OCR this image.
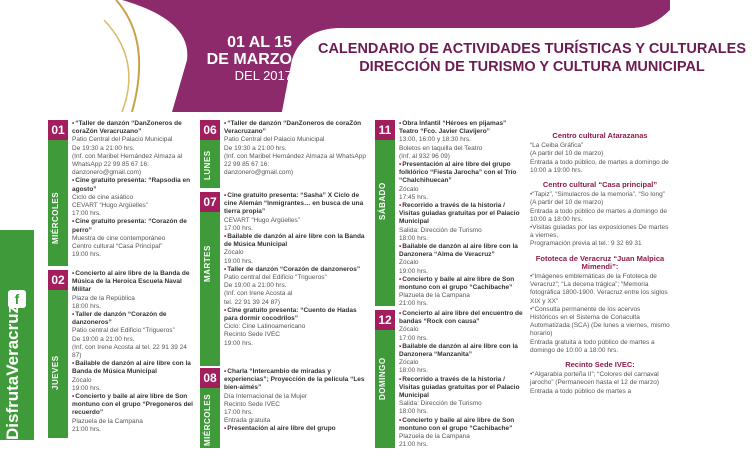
01 AL 15
DE MARZO
DEL 2017
CALENDARIO DE ACTIVIDADES TURÍSTICAS Y CULTURALES
DIRECCIÓN DE TURISMO Y CULTURA MUNICIPAL
f
DisfrutaVeracruz
01
MIÉRCOLES
• “Taller de danzón “DanZoneros de coraZón Veracruzano”
Patio Central del Palacio Municipal
De 19:30 a 21:00 hrs.
(Inf. con Maribel Hernández Almaza al WhatsApp 22 99 85 67 16:
danzonero@gmail.com)
• Cine gratuito presenta: “Rapsodia en agosto”
Ciclo de cine asiático
CEVART “Hugo Argüelles”
17:00 hrs.
• Cine gratuito presenta: “Corazón de perro”
Muestra de cine contemporáneo
Centro cultural “Casa Principal”
19:00 hrs.
02
JUEVES
• Concierto al aire libre de la Banda de Música de la Heroica Escuela Naval Militar
Plaza de la República
18:00 hrs.
• Taller de danzón “Corazón de danzoneros”
Patio central del Edificio “Trigueros”
De 19:00 a 21:00 hrs.
(Inf. con Irene Acosta al tel. 22 91 39 24 87)
• Bailable de danzón al aire libre con la Banda de Música Municipal
Zócalo
19:00 hrs.
• Concierto y baile al aire libre de Son montuno con el grupo “Pregoneros del recuerdo”
Plazuela de la Campana
21:00 hrs.
06
LUNES
• “Taller de danzón “DanZoneros de coraZón Veracruzano”
Patio Central del Palacio Municipal
De 19:30 a 21:00 hrs.
(Inf. con Maribel Hernández Almaza al WhatsApp 22 99 85 67 16:
danzonero@gmail.com)
07
MARTES
• Cine gratuito presenta: “Sasha” X Ciclo de cine Alemán “Inmigrantes… en busca de una tierra propia”
CEVART “Hugo Argüelles”
17:00 hrs.
• Bailable de danzón al aire libre con la Banda de Música Municipal
Zócalo
19:00 hrs.
• Taller de danzón “Corazón de danzoneros”
Patio central del Edificio “Trigueros”
De 19:00 a 21:00 hrs.
(Inf. con Irene Acosta al
tel. 22 91 39 24 87)
• Cine gratuito presenta: “Cuento de Hadas para dormir cocodrilos”
Ciclo: Cine Latinoamericano
Recinto Sede IVEC
19:00 hrs.
08
MIÉRCOLES
• Charla “Intercambio de miradas y experiencias”; Proyección de la película “Les bien-aimés”
Día Internacional de la Mujer
Recinto Sede IVEC
17:00 hrs.
Entrada gratuita
• Presentación al aire libre del grupo
11
SÁBADO
• Obra Infantil “Héroes en pijamas” Teatro “Fco. Javier Clavijero”
13:00, 16:00 y 18:30 hrs.
Boletos en taquilla del Teatro
(Inf. al 932 96 09)
• Presentación al aire libre del grupo folklórico “Fiesta Jarocha” con el Trío “Chalchihuecan”
Zócalo
17:45 hrs.
• Recorrido a través de la historia / Visitas guiadas gratuitas por el Palacio Municipal
Salida: Dirección de Turismo
18:00 hrs.
• Bailable de danzón al aire libre con la Danzonera “Alma de Veracruz”
Zócalo
19:00 hrs.
• Concierto y baile al aire libre de Son montuno con el grupo “Cachibache”
Plazuela de la Campana
21:00 hrs.
12
DOMINGO
• Concierto al aire libre del encuentro de bandas “Rock con causa”
Zócalo
17:00 hrs.
• Bailable de danzón al aire libre con la Danzonera “Manzanita”
Zócalo
18:00 hrs.
• Recorrido a través de la historia / Visitas guiadas gratuitas por el Palacio Municipal
Salida: Dirección de Turismo
18:00 hrs.
• Concierto y baile al aire libre de Son montuno con el grupo “Cachibache”
Plazuela de la Campana
21:00 hrs.
Centro cultural Atarazanas
“La Ceiba Gráfica”
(A partir del 10 de marzo)
Entrada a todo público, de martes a domingo de 10:00 a 19:00 hrs.
Centro cultural “Casa principal”
•“Tapiz”, “Simulacros de la memoria”, “So long” (A partir del 10 de marzo)
Entrada a todo público de martes a domingo de 10:00 a 18:00 hrs.
•Visitas guiadas por las exposiciones De martes a viernes,
Programación previa al tel.: 9 32 69 31
Fototeca de Veracruz “Juan Malpica Mimendi”:
•“Imágenes emblemáticas de la Fototeca de Veracruz”; “La decena trágica”; “Memoria fotográfica 1800-1900. Veracruz entre los siglos XIX y XX”
•“Consulta permanente de los acervos Históricos en el Sistema de Conaculta Automatizada (SCA) (De lunes a viernes, mismo horario)
Entrada gratuita a todo público de martes a domingo de 10:00 a 18:00 hrs.
Recinto Sede IVEC:
•“Algarabía porteña II”; “Colores del carnaval jarocho” (Permanecen hasta el 12 de marzo)
Entrada a todo público de martes a
